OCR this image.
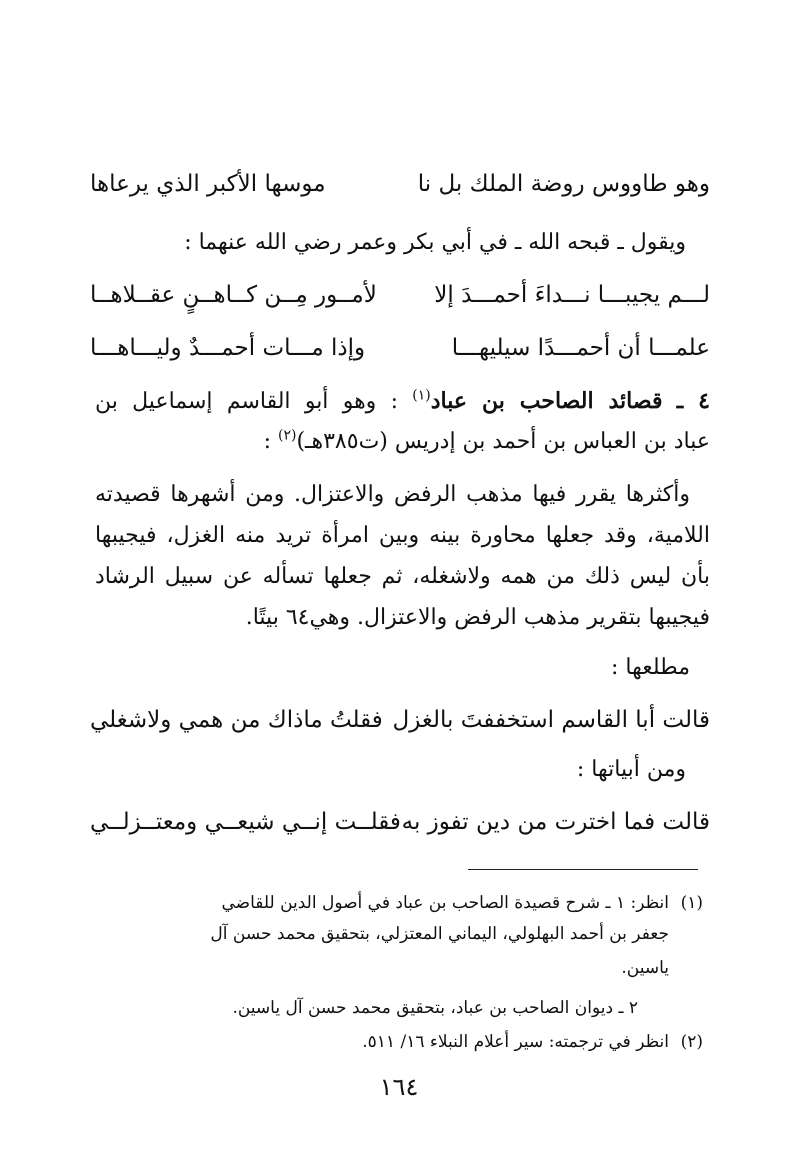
وهو طاووس روضة الملك بل نا
موسها الأكبر الذي يرعاها
ويقول ـ قبحه الله ـ في أبي بكر وعمر رضي الله عنهما :
لـــم يجيبـــا نـــداءَ أحمـــدَ إلا
لأمــور مِــن كــاهــنٍ عقــلاهــا
علمـــا أن أحمـــدًا سيليهـــا
وإذا مـــات أحمـــدٌ وليـــاهـــا
٤ ـ قصائد الصاحب بن عباد$^{(١)}$ : وهو أبو القاسم إسماعيل بن
عباد بن العباس بن أحمد بن إدريس (ت٣٨٥هـ)$^{(٢)}$ :
وأكثرها يقرر فيها مذهب الرفض والاعتزال. ومن أشهرها قصيدته
اللامية، وقد جعلها محاورة بينه وبين امرأة تريد منه الغزل، فيجيبها
بأن ليس ذلك من همه ولاشغله، ثم جعلها تسأله عن سبيل الرشاد
فيجيبها بتقرير مذهب الرفض والاعتزال. وهي٦٤ بيتًا.
مطلعها :
قالت أبا القاسم استخففتَ بالغزل
فقلتُ ماذاك من همي ولاشغلي
ومن أبياتها :
قالت فما اخترت من دين تفوز به
فقلــت إنــي شيعــي ومعتــزلــي
(١)انظر: ١ ـ شرح قصيدة الصاحب بن عباد في أصول الدين للقاضي
جعفر بن أحمد البهلولي، اليماني المعتزلي، بتحقيق محمد حسن آل
ياسين.
٢ ـ ديوان الصاحب بن عباد، بتحقيق محمد حسن آل ياسين.
(٢)انظر في ترجمته: سير أعلام النبلاء ١٦/ ٥١١.
١٦٤
